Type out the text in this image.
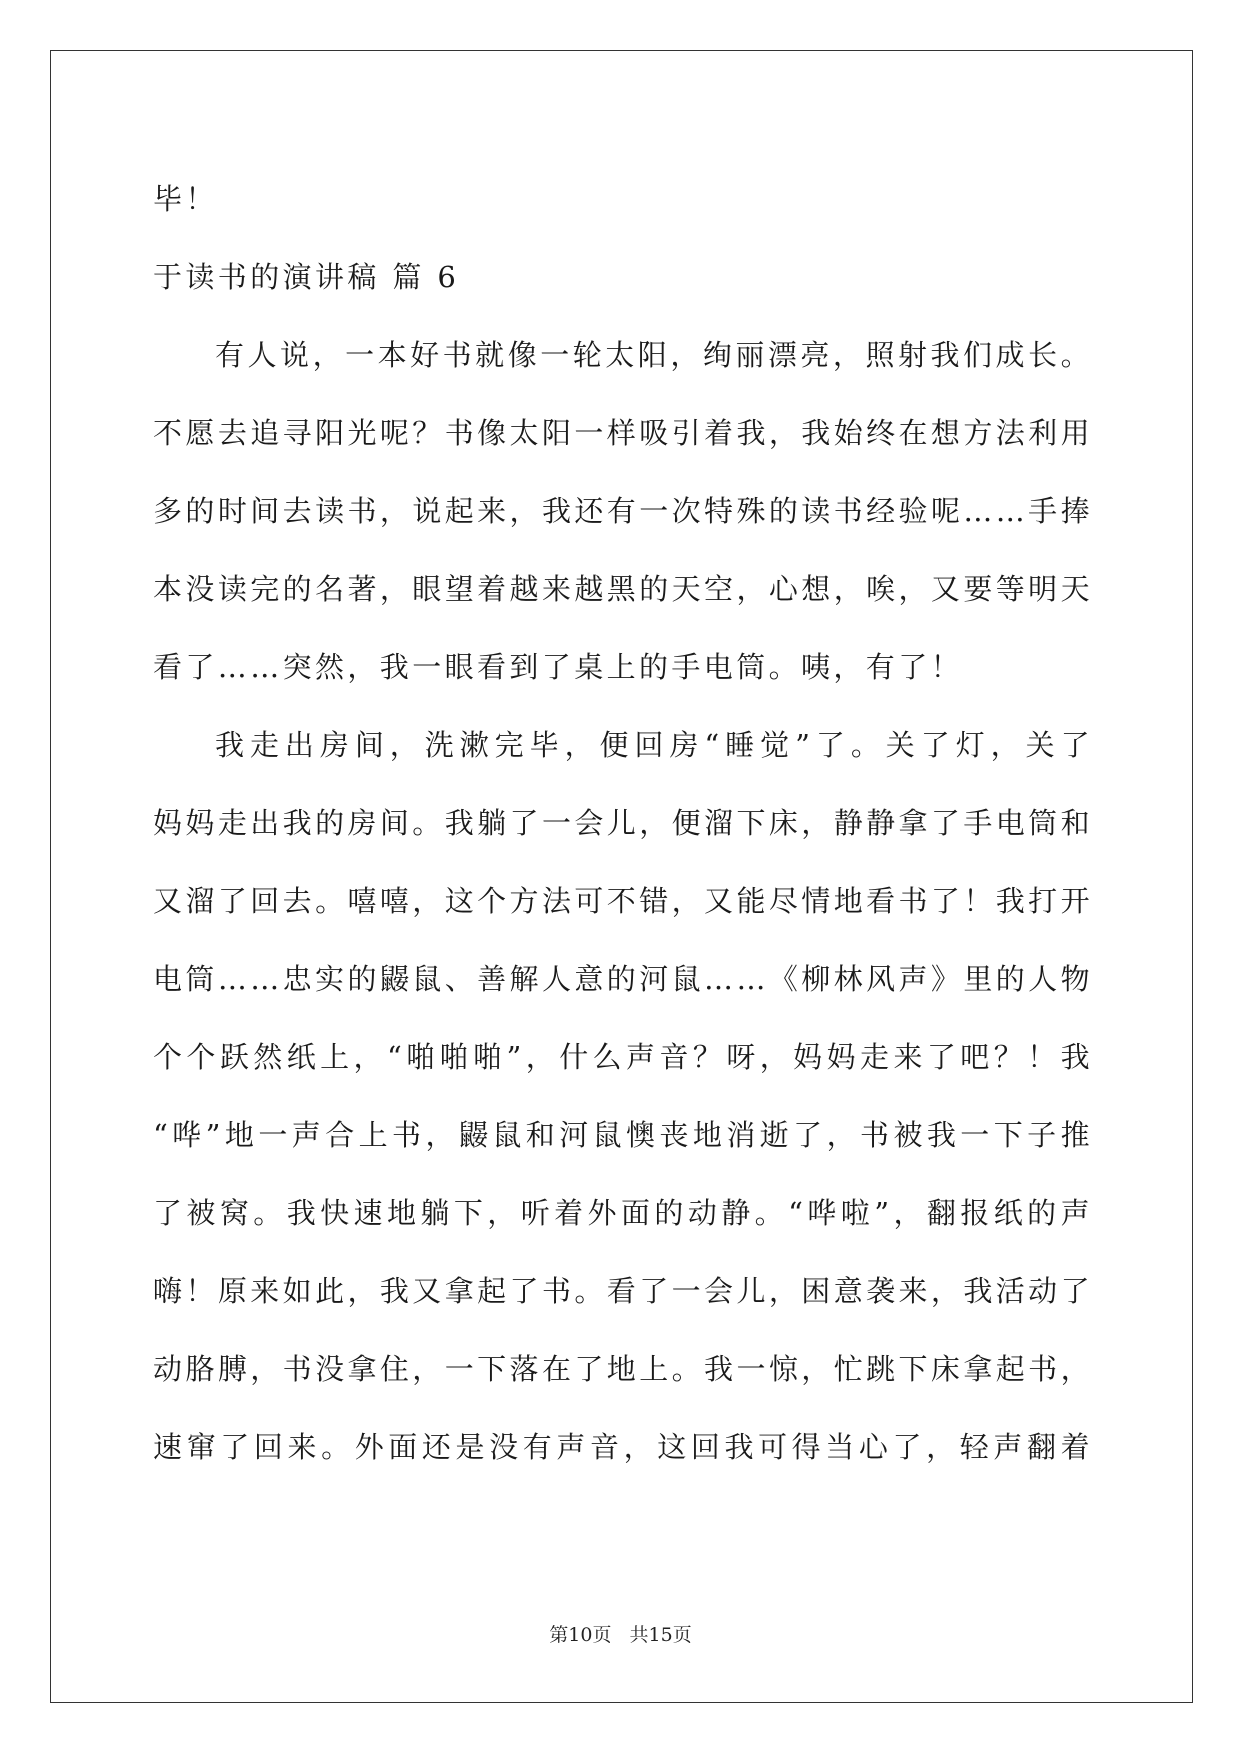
毕！
于读书的演讲稿 篇 6
有人说，一本好书就像一轮太阳，绚丽漂亮，照射我们成长。
不愿去追寻阳光呢？书像太阳一样吸引着我，我始终在想方法利用
多的时间去读书，说起来，我还有一次特殊的读书经验呢……手捧
本没读完的名著，眼望着越来越黑的天空，心想，唉，又要等明天
看了……突然，我一眼看到了桌上的手电筒。咦，有了！
我走出房间，洗漱完毕，便回房“睡觉”了。关了灯，关了
妈妈走出我的房间。我躺了一会儿，便溜下床，静静拿了手电筒和
又溜了回去。嘻嘻，这个方法可不错，又能尽情地看书了！我打开
电筒……忠实的鼹鼠、善解人意的河鼠……《柳林风声》里的人物
个个跃然纸上，“啪啪啪”，什么声音？呀，妈妈走来了吧？！我
“哗”地一声合上书，鼹鼠和河鼠懊丧地消逝了，书被我一下子推
了被窝。我快速地躺下，听着外面的动静。“哗啦”，翻报纸的声
嗨！原来如此，我又拿起了书。看了一会儿，困意袭来，我活动了
动胳膊，书没拿住，一下落在了地上。我一惊，忙跳下床拿起书，
速窜了回来。外面还是没有声音，这回我可得当心了，轻声翻着
第10页 共15页
